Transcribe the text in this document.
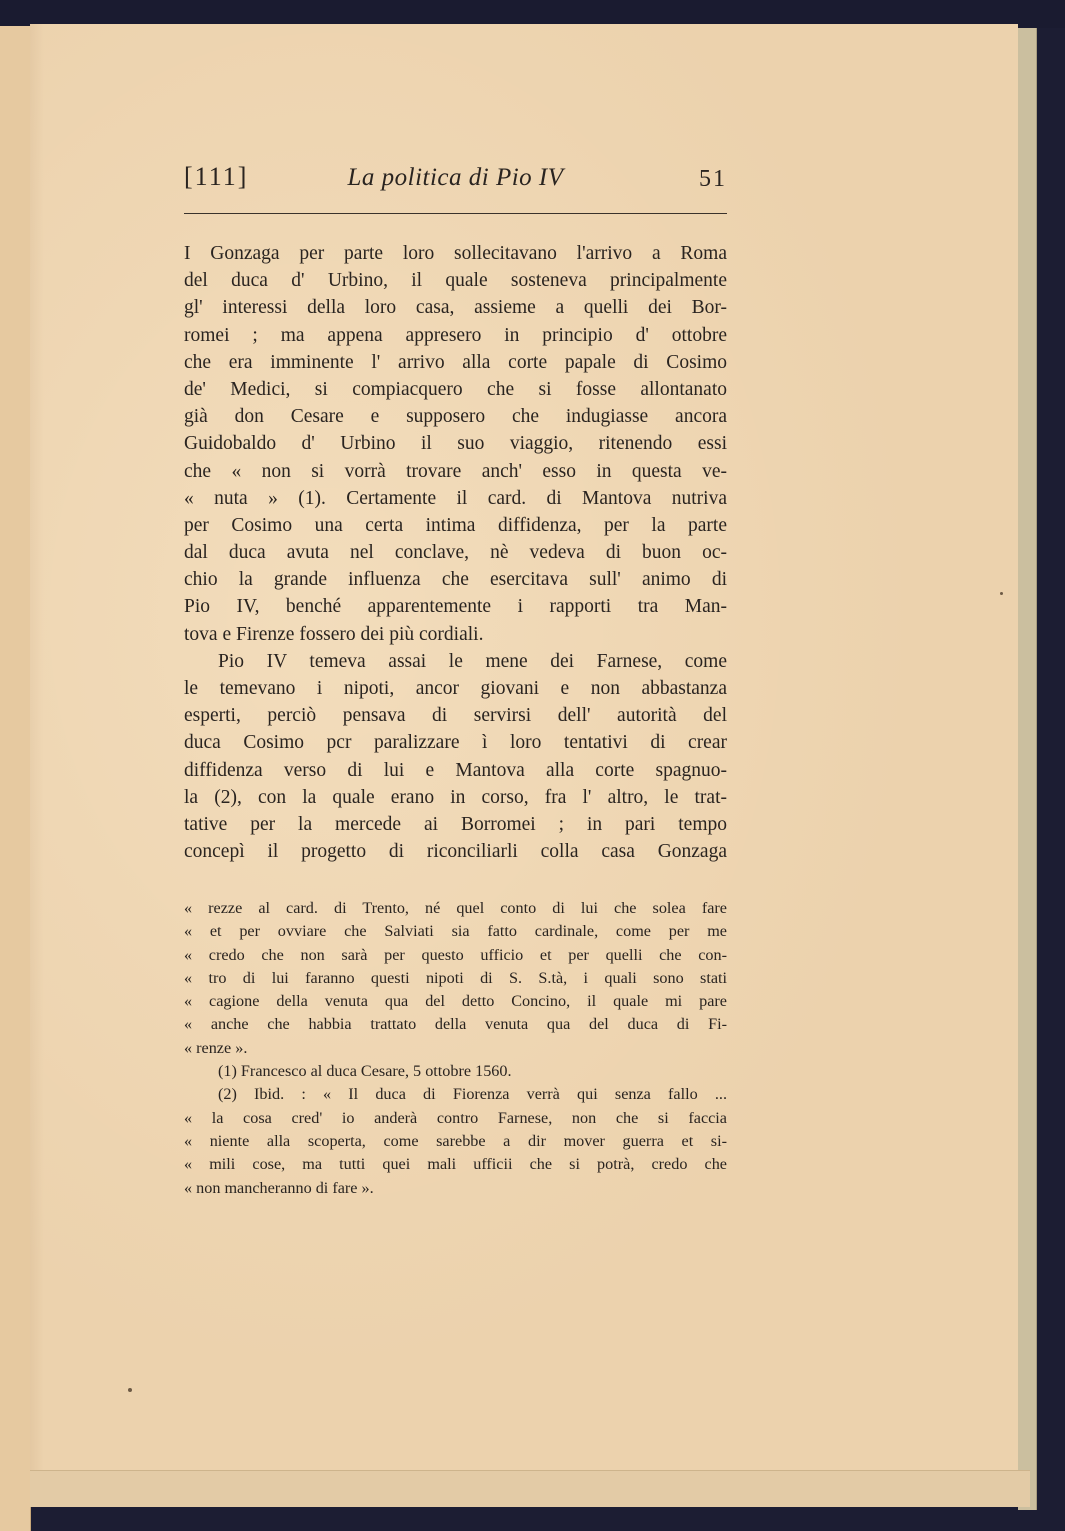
[111]	La politica di Pio IV	51
I Gonzaga per parte loro sollecitavano l'arrivo a Roma
del duca d' Urbino, il quale sosteneva principalmente
gl' interessi della loro casa, assieme a quelli dei Bor-
romei ; ma appena appresero in principio d' ottobre
che era imminente l' arrivo alla corte papale di Cosimo
de' Medici, si compiacquero che si fosse allontanato
già don Cesare e supposero che indugiasse ancora
Guidobaldo d' Urbino il suo viaggio, ritenendo essi
che « non si vorrà trovare anch' esso in questa ve-
« nuta » (1). Certamente il card. di Mantova nutriva
per Cosimo una certa intima diffidenza, per la parte
dal duca avuta nel conclave, nè vedeva di buon oc-
chio la grande influenza che esercitava sull' animo di
Pio IV, benché apparentemente i rapporti tra Man-
tova e Firenze fossero dei più cordiali.
Pio IV temeva assai le mene dei Farnese, come
le temevano i nipoti, ancor giovani e non abbastanza
esperti, perciò pensava di servirsi dell' autorità del
duca Cosimo pcr paralizzare ì loro tentativi di crear
diffidenza verso di lui e Mantova alla corte spagnuo-
la (2), con la quale erano in corso, fra l' altro, le trat-
tative per la mercede ai Borromei ; in pari tempo
concepì il progetto di riconciliarli colla casa Gonzaga
« rezze al card. di Trento, né quel conto di lui che solea fare
« et per ovviare che Salviati sia fatto cardinale, come per me
« credo che non sarà per questo ufficio et per quelli che con-
« tro di lui faranno questi nipoti di S. S.tà, i quali sono stati
« cagione della venuta qua del detto Concino, il quale mi pare
« anche che habbia trattato della venuta qua del duca di Fi-
« renze ».
(1) Francesco al duca Cesare, 5 ottobre 1560.
(2) Ibid. : « Il duca di Fiorenza verrà qui senza fallo ...
« la cosa cred' io anderà contro Farnese, non che si faccia
« niente alla scoperta, come sarebbe a dir mover guerra et si-
« mili cose, ma tutti quei mali ufficii che si potrà, credo che
« non mancheranno di fare ».
